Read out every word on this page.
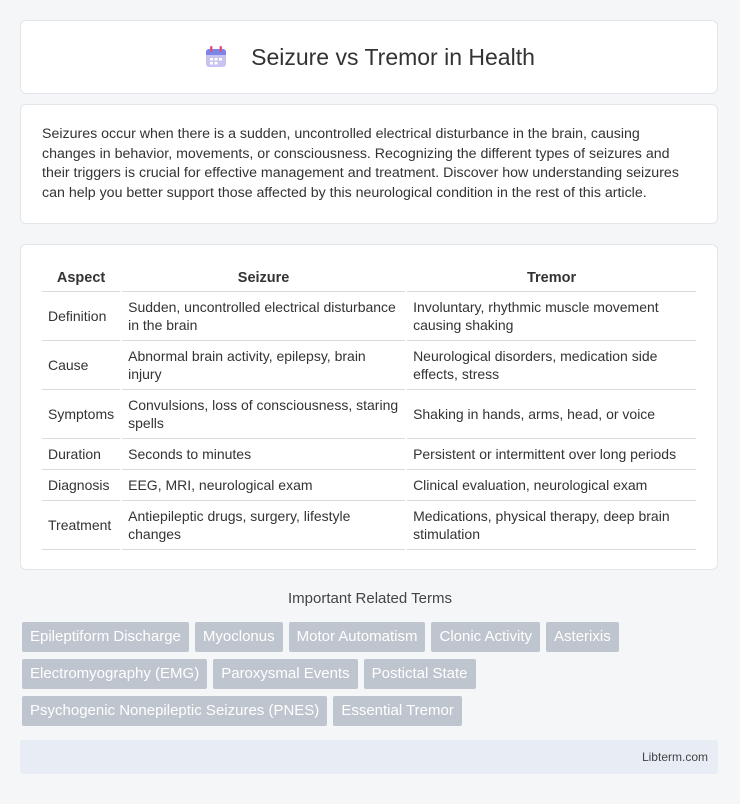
Seizure vs Tremor in Health

Seizures occur when there is a sudden, uncontrolled electrical disturbance in the brain, causing changes in behavior, movements, or consciousness. Recognizing the different types of seizures and their triggers is crucial for effective management and treatment. Discover how understanding seizures can help you better support those affected by this neurological condition in the rest of this article.

Aspect	Seizure	Tremor
Definition	Sudden, uncontrolled electrical disturbance in the brain	Involuntary, rhythmic muscle movement causing shaking
Cause	Abnormal brain activity, epilepsy, brain injury	Neurological disorders, medication side effects, stress
Symptoms	Convulsions, loss of consciousness, staring spells	Shaking in hands, arms, head, or voice
Duration	Seconds to minutes	Persistent or intermittent over long periods
Diagnosis	EEG, MRI, neurological exam	Clinical evaluation, neurological exam
Treatment	Antiepileptic drugs, surgery, lifestyle changes	Medications, physical therapy, deep brain stimulation
Important Related Terms
Epileptiform Discharge	Myoclonus	Motor Automatism	Clonic Activity	Asterixis
Electromyography (EMG)	Paroxysmal Events	Postictal State
Psychogenic Nonepileptic Seizures (PNES)	Essential Tremor
Libterm.com
